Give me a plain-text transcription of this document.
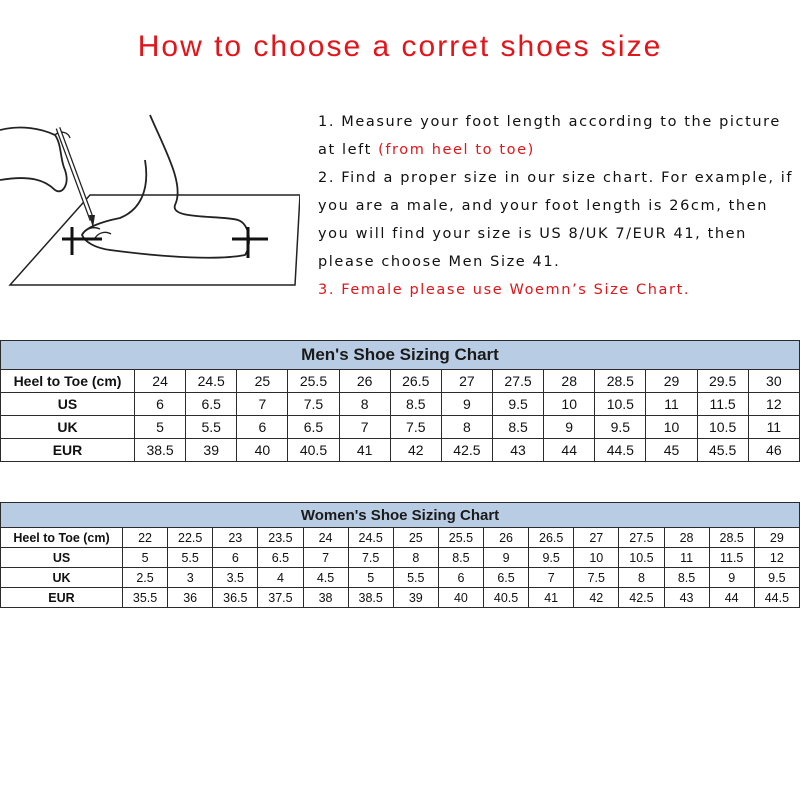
How to choose a corret shoes size

1. Measure your foot length according to the picture at left (from heel to toe)

2. Find a proper size in our size chart. For example, if you are a male, and your foot length is 26cm, then you will find your size is US 8/UK 7/EUR 41, then please choose Men Size 41.

3. Female please use Woemn’s Size Chart.

Men's Shoe Sizing Chart													
Heel to Toe (cm)	24	24.5	25	25.5	26	26.5	27	27.5	28	28.5	29	29.5	30
US	6	6.5	7	7.5	8	8.5	9	9.5	10	10.5	11	11.5	12
UK	5	5.5	6	6.5	7	7.5	8	8.5	9	9.5	10	10.5	11
EUR	38.5	39	40	40.5	41	42	42.5	43	44	44.5	45	45.5	46
Women's Shoe Sizing Chart															
Heel to Toe (cm)	22	22.5	23	23.5	24	24.5	25	25.5	26	26.5	27	27.5	28	28.5	29
US	5	5.5	6	6.5	7	7.5	8	8.5	9	9.5	10	10.5	11	11.5	12
UK	2.5	3	3.5	4	4.5	5	5.5	6	6.5	7	7.5	8	8.5	9	9.5
EUR	35.5	36	36.5	37.5	38	38.5	39	40	40.5	41	42	42.5	43	44	44.5
